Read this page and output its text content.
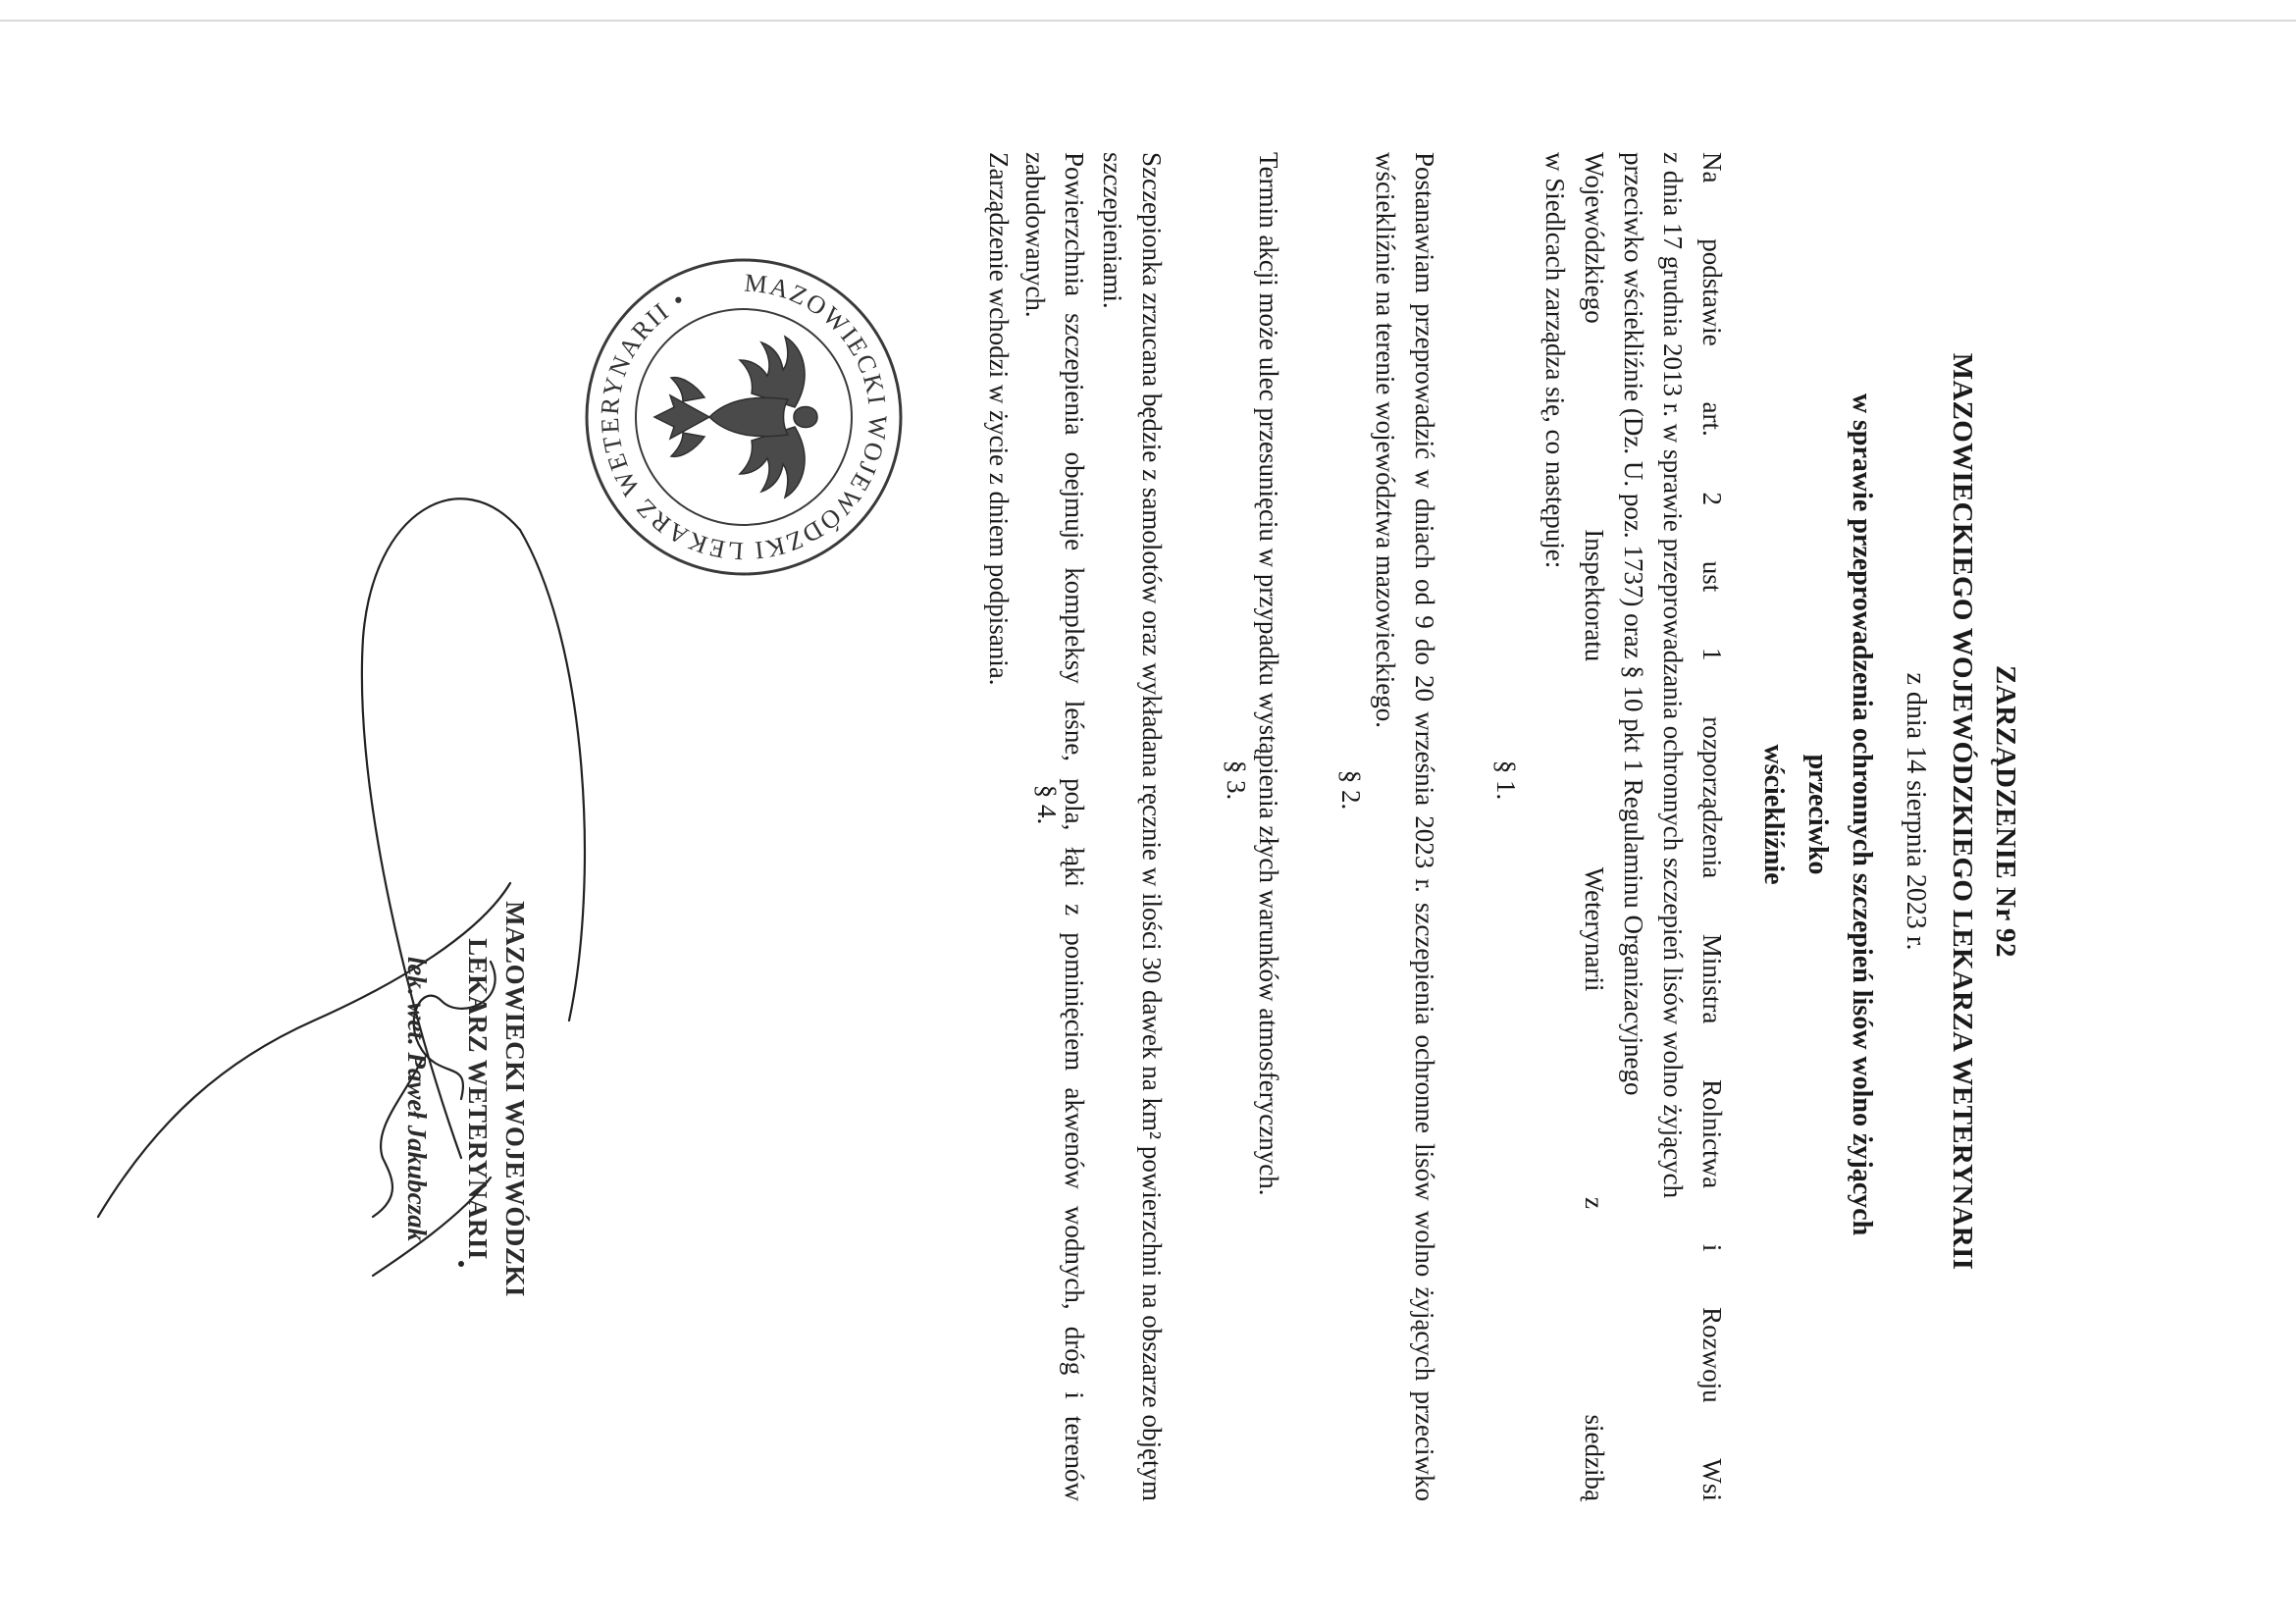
ZARZĄDZENIE Nr 92
MAZOWIECKIEGO WOJEWÓDZKIEGO LEKARZA WETERYNARII
z dnia 14 sierpnia 2023 r.
w sprawie przeprowadzenia ochronnych szczepień lisów wolno żyjących przeciwko
wściekliźnie
Na
podstawie
art.
2
ust
1
rozporządzenia
Ministra
Rolnictwa
i
Rozwoju
Wsi
z dnia 17 grudnia 2013 r. w sprawie przeprowadzania ochronnych szczepień lisów wolno żyjących
przeciwko wściekliźnie (Dz. U. poz. 1737) oraz § 10 pkt 1 Regulaminu Organizacyjnego
Wojewódzkiego
Inspektoratu
Weterynarii
z
siedzibą
w Siedlcach zarządza się, co następuje:
§ 1.
Postanawiam przeprowadzić w dniach od 9 do 20 września 2023 r. szczepienia ochronne lisów wolno żyjących przeciwko wściekliźnie na terenie województwa mazowieckiego.
§ 2.
Termin akcji może ulec przesunięciu w przypadku wystąpienia złych warunków atmosferycznych.
§ 3.
Szczepionka zrzucana będzie z samolotów oraz wykładana ręcznie w ilości 30 dawek na km² powierzchni na obszarze objętym szczepieniami.
Powierzchnia szczepienia obejmuje kompleksy leśne, pola, łąki z pominięciem akwenów wodnych, dróg i terenów zabudowanych.
§ 4.
Zarządzenie wchodzi w życie z dniem podpisania.
MAZOWIECKI WOJEWÓDZKI LEKARZ WETERYNARII •
MAZOWIECKI WOJEWÓDZKI
LEKARZ WETERYNARII
lek. wet. Paweł Jakubczak
